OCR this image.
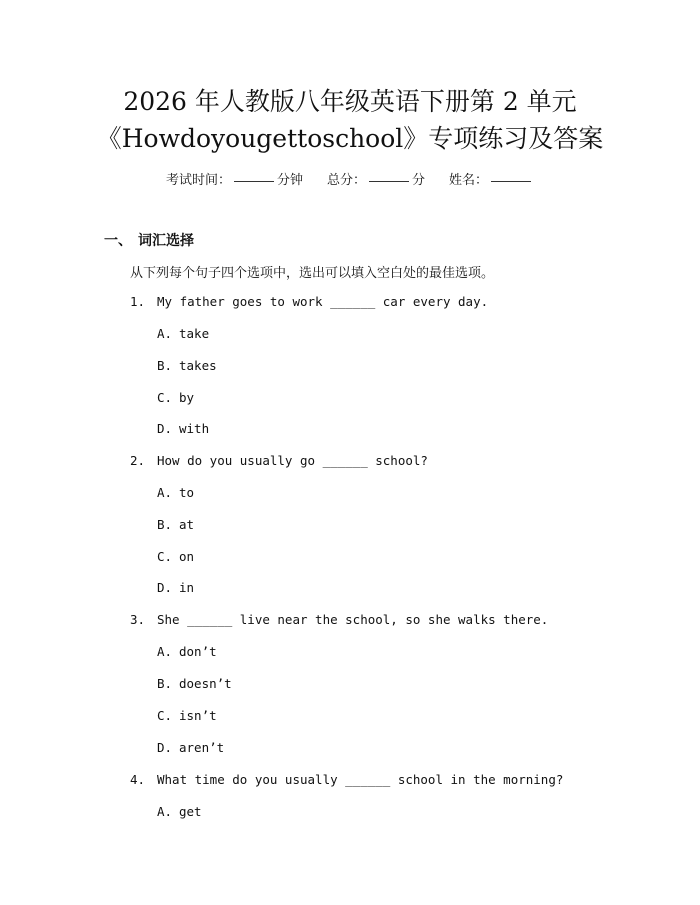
2026 年人教版八年级英语下册第 2 单元
《Howdoyougettoschool》专项练习及答案
考试时间：	分钟 总分：	分 姓名：
一、 词汇选择
从下列每个句子四个选项中，选出可以填入空白处的最佳选项。
1. My father goes to work ______ car every day.
A. take
B. takes
C. by
D. with
2. How do you usually go ______ school?
A. to
B. at
C. on
D. in
3. She ______ live near the school, so she walks there.
A. don’t
B. doesn’t
C. isn’t
D. aren’t
4. What time do you usually ______ school in the morning?
A. get
